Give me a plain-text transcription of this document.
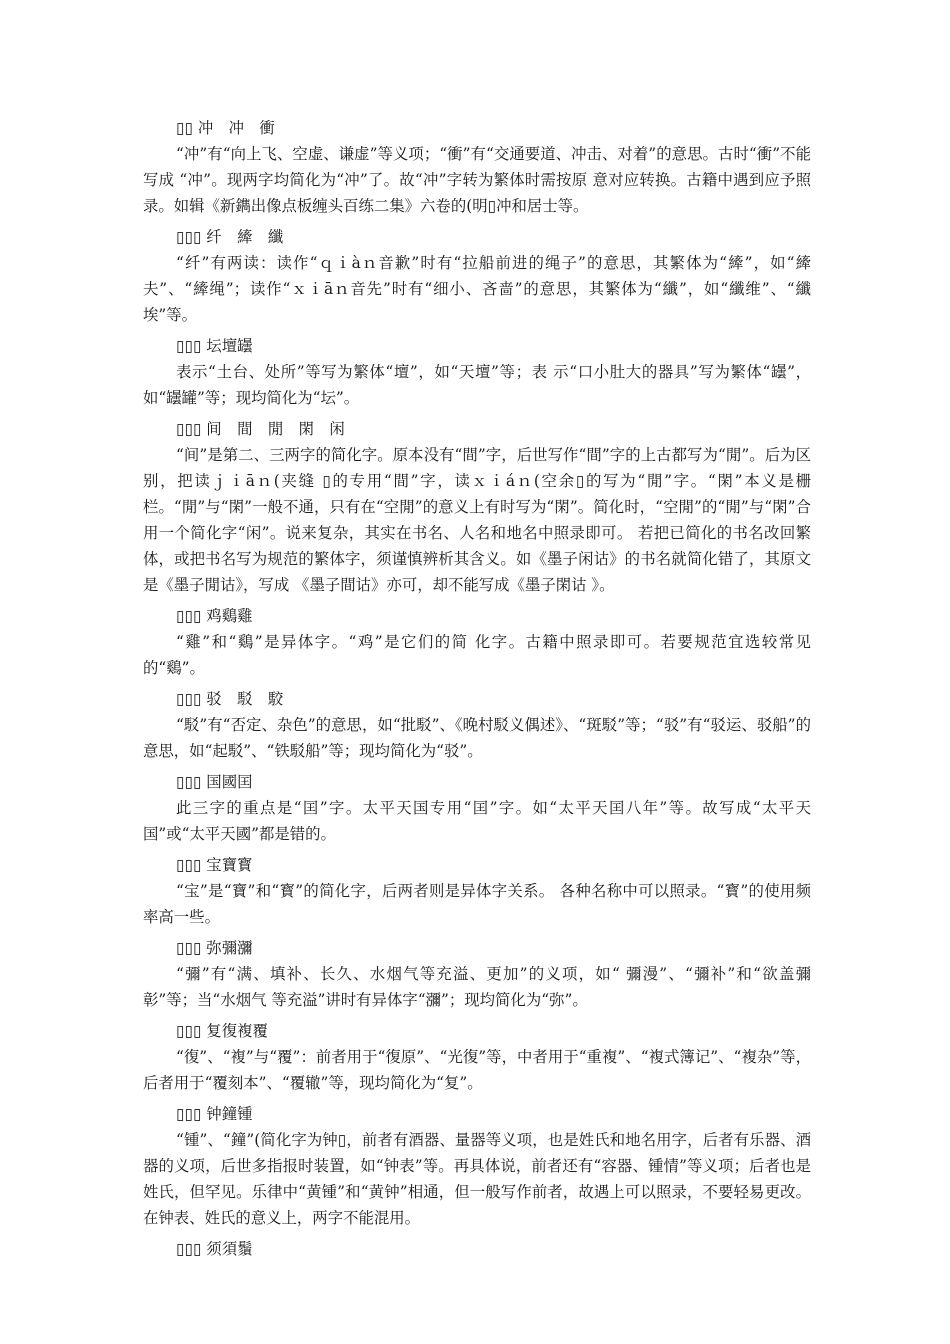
▯▯ 冲　冲　衝

“冲”有“向上飞、空虚、谦虚”等义项；“衝”有“交通要道、冲击、对着”的意思。古时“衝”不能写成 “冲”。现两字均简化为“冲”了。故“冲”字转为繁体时需按原 意对应转换。古籍中遇到应予照录。如辑《新鐫出像点板缠头百练二集》六卷的(明▯冲和居士等。

▯▯▯ 纤　縴　纖

“纤”有两读：读作“ｑｉàｎ音歉”时有“拉船前进的绳子”的意思，其繁体为“縴”，如“縴夫”、“縴绳”；读作“ｘｉāｎ音先”时有“细小、吝啬”的意思，其繁体为“纖”，如“纖维”、“纖埃”等。

▯▯▯ 坛壇罎

表示“土台、处所”等写为繁体“壇”，如“天壇”等；表 示“口小肚大的器具”写为繁体“罎”，如“罎罐”等；现均简化为“坛”。

▯▯▯ 间　間　閒　閑　闲

“间”是第二、三两字的简化字。原本没有“間”字，后世写作“間”字的上古都写为“閒”。后为区别，把读ｊｉāｎ(夹缝 ▯的专用“間”字，读ｘｉáｎ(空余▯的写为“閒”字。“閑”本义是栅栏。“閒”与“閑”一般不通，只有在“空閒”的意义上有时写为“閑”。简化时，“空閒”的“閒”与“閑”合用一个简化字“闲”。说来复杂，其实在书名、人名和地名中照录即可。 若把已简化的书名改回繁体，或把书名写为规范的繁体字，须谨慎辨析其含义。如《墨子闲诂》的书名就简化错了，其原文是《墨子閒诂》，写成 《墨子間诂》亦可，却不能写成《墨子閑诂 》。

▯▯▯ 鸡鷄雞

“雞”和“鷄”是异体字。“鸡”是它们的简 化字。古籍中照录即可。若要规范宜选较常见的“鷄”。

▯▯▯ 驳　駁　駮

“駁”有“否定、杂色”的意思，如“批駁”、《晚村駁义偶述》、“斑駁”等；“驳”有“驳运、驳船”的意思，如“起駁”、“铁駁船”等；现均简化为“驳”。

▯▯▯ 国國囯

此三字的重点是“囯”字。太平天国专用“囯”字。如“太平天囯八年”等。故写成“太平天国”或“太平天國”都是错的。

▯▯▯ 宝寶寳

“宝”是“寶”和“寳”的简化字，后两者则是异体字关系。 各种名称中可以照录。“寳”的使用频率高一些。

▯▯▯ 弥彌瀰

“彌”有“满、填补、长久、水烟气等充溢、更加”的义项，如“ 彌漫”、“彌补”和“欲盖彌彰”等；当“水烟气 等充溢”讲时有异体字“瀰”；现均简化为“弥”。

▯▯▯ 复復複覆

“復”、“複”与“覆”：前者用于“復原”、“光復”等，中者用于“重複”、“複式簿记”、“複杂”等，后者用于“覆刻本”、“覆辙”等，现均简化为“复”。

▯▯▯ 钟鐘锺

“锺”、“鐘”(简化字为钟▯，前者有酒器、量器等义项，也是姓氏和地名用字，后者有乐器、酒器的义项，后世多指报时装置，如“钟表”等。再具体说，前者还有“容器、锺情”等义项；后者也是姓氏，但罕见。乐律中“黄锺”和“黄钟”相通，但一般写作前者，故遇上可以照录，不要轻易更改。在钟表、姓氏的意义上，两字不能混用。

▯▯▯ 须須鬚
